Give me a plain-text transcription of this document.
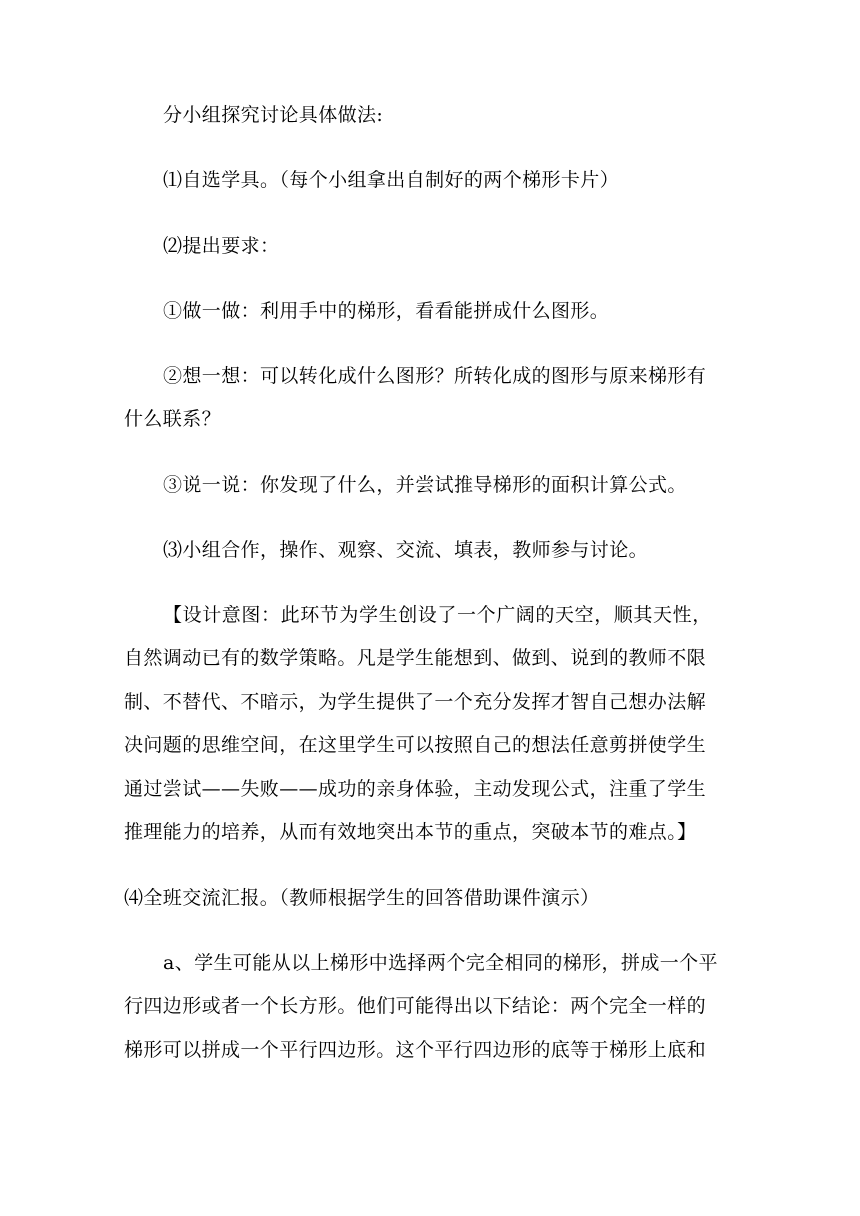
分小组探究讨论具体做法:
⑴自选学具。（每个小组拿出自制好的两个梯形卡片）
⑵提出要求：
①做一做：利用手中的梯形，看看能拼成什么图形。
②想一想：可以转化成什么图形？所转化成的图形与原来梯形有
什么联系？
③说一说：你发现了什么，并尝试推导梯形的面积计算公式。
⑶小组合作，操作、观察、交流、填表，教师参与讨论。
【设计意图：此环节为学生创设了一个广阔的天空，顺其天性，
自然调动已有的数学策略。凡是学生能想到、做到、说到的教师不限
制、不替代、不暗示，为学生提供了一个充分发挥才智自己想办法解
决问题的思维空间，在这里学生可以按照自己的想法任意剪拼使学生
通过尝试——失败——成功的亲身体验，主动发现公式，注重了学生
推理能力的培养，从而有效地突出本节的重点，突破本节的难点。】
⑷全班交流汇报。（教师根据学生的回答借助课件演示）
a、学生可能从以上梯形中选择两个完全相同的梯形，拼成一个平
行四边形或者一个长方形。他们可能得出以下结论：两个完全一样的
梯形可以拼成一个平行四边形。这个平行四边形的底等于梯形上底和
